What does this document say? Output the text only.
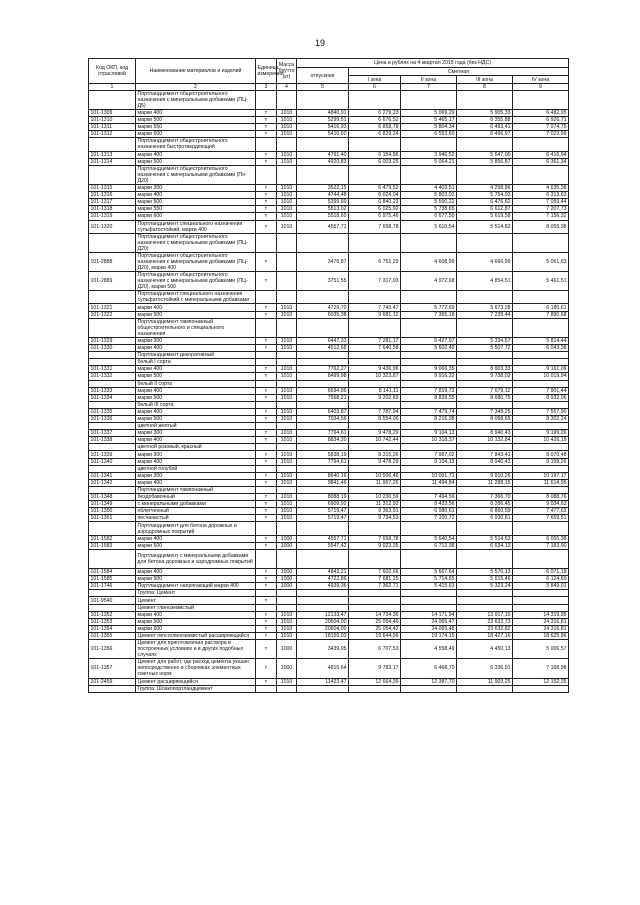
19
Код ОКП, код отраслевой	Наименование материалов и изделий	Единица измерения	Масса брутто (кг)	Цена в рублях на 4 квартал 2015 года (без НДС)				
				отпускная	Сметная			
					I зона	II зона	III зона	IV зона
1	2	3	4	5	6	7	8	9
	Портландцемент общестроительного назначения с минеральными добавками (ПЦ-Д5)							
101-1309	марки 400	т	1010	4840,91	6 279,23	5 069,29	5 905,33	6 482,95
101-1310	марки 500	т	1010	5299,51	6 676,52	5 465,17	6 355,88	6 926,71
101-1311	марки 550	т	1010	5416,93	6 858,78	5 804,34	6 493,41	7 074,75
101-1312	марки 600	т	1010	5416,60	6 829,24	6 553,60	6 496,97	7 023,99
	Портландцемент общестроительного назначения быстротвердеющий							
101-1313	марки 400	т	1010	4791,40	6 154,96	3 946,52	5 647,00	6 416,94
101-1314	марки 500	т	1010	4920,83	6 003,25	5 064,21	5 856,87	6 361,34
	Портландцемент общестроительного назначения с минеральными добавками (По-Д20)							
101-1315	марки 300	т	1010	3522,15	6 479,52	4 403,51	4 298,86	4 635,38
101-1316	марки 400	т	1010	4744,48	6 024,04	5 803,02	5 754,02	6 313,63
101-1317	марки 500	т	1010	5399,60	6 840,23	5 590,22	6 476,82	7 059,44
101-1318	марки 550	т	1010	5513,02	6 025,92	5 738,65	6 612,87	7 207,73
101-1319	марки 600	т	1010	5518,60	6 975,46	6 677,50	5 619,58	7 156,32
101-1320	Портландцемент специального назначения сульфатостойкий, марки 400	т	1010	4557,71	7 658,78	5 610,54	5 514,83	8 055,38
	Портландцемент общестроительного назначения с минеральными добавками (ПЦ-Д20)							
101-2888	Портландцемент общестроительного назначения с минеральными добавками (ПЦ-Д20), марки 400	т		3476,87	6 751,29	4 608,99	4 666,99	5 061,63
101-2889	Портландцемент общестроительного назначения с минеральными добавками (ПЦ-Д20), марки 500	т		3751,55	7 317,03	4 972,68	4 854,51	5 461,51
	Портландцемент специального назначения сульфатостойкий с минеральными добавками							
101-1321	марки 400	т	1010	4729,70	7 743,47	5 772,69	5 673,28	6 180,61
101-1322	марки 500	т	1010	6035,38	9 681,12	7 365,18	7 239,44	7 890,68
	Портландцемент тампонажный общестроительного и специального назначения							
101-1329	марки 300	т	1010	6447,33	7 281,17	5 427,97	5 334,57	5 814,44
101-1330	марки 400	т	1010	4512,68	7 640,58	5 602,49	5 507,72	6 043,38
	Портландцемент декоративный							
	белый I сорта							
101-1331	марки 400	т	1010	7762,27	9 436,96	9 066,35	8 903,33	9 161,09
101-1332	марки 500	т	1010	8499,98	10 323,87	9 916,32	9 738,02	10 019,94
	белый II сорта							
101-1333	марки 400	т	1010	6694,96	8 141,11	7 819,73	7 679,12	7 901,44
101-1334	марки 500	т	1010	7568,21	9 202,69	8 839,55	8 680,75	8 932,06
	белый III сорта							
101-1335	марки 400	т	1010	6403,87	7 787,94	7 479,74	7 345,25	7 557,90
101-1336	марки 500	т	1010	7034,56	8 554,06	8 216,38	8 068,65	8 302,24
	цветной желтый							
101-1337	марки 300	т	1010	7794,61	9 478,29	9 104,13	8 940,43	9 199,26
101-1338	марки 400	т	1010	8834,20	10 742,44	10 318,37	10 132,84	10 426,19
	цветной розовый, красный							
101-1339	марки 300	т	1010	5838,19	8 315,26	7 987,02	7 843,41	8 070,48
101-1340	марки 400	т	1010	7794,61	9 478,29	9 104,13	8 940,43	9 199,26
	цветной голубой							
101-1341	марки 300	т	1010	8640,16	10 506,46	10 091,71	9 910,26	10 197,17
101-1342	марки 400	т	1010	9841,46	11 967,26	11 494,84	11 288,15	11 614,95
	Портландцемент тампонажный							
101-1348	бездобавочный	т	1010	8088,19	10 230,59	7 494,59	7 366,70	8 088,76
101-1349	с минеральными добавками	т	1010	6909,92	11 312,92	8 433,56	8 286,45	9 034,63
101-1350	облегченный	т	1010	5719,47	9 363,91	6 980,61	6 860,59	7 477,63
101-1351	песчанистый	т	1010	5719,47	9 734,53	7 100,72	6 930,61	7 659,51
	Портландцемент для бетона дорожных и аэродромных покрытий							
101-1582	марки 400	т	1000	4557,71	7 658,78	5 640,54	5 514,63	6 055,38
101-1583	марки 500	т	1000	5547,42	9 023,35	6 712,38	6 634,13	7 183,90
	Портландцемент с минеральными добавками для бетона дорожных и аэродромных покрытий							
101-1584	марки 400	т	1000	4843,21	7 602,66	5 667,64	5 570,13	6 071,18
101-1585	марки 500	т	1000	4722,86	7 681,25	5 714,65	5 615,46	6 124,60
101-1746	Портландцемент напрягающий марки 400	т	1000	4939,36	7 362,71	5 415,63	5 323,24	5 849,01
	Группа: Цемент							
101-9540	Цемент	т						
	Цемент глиноземистый							
101-1352	марки 400	т	1010	12133,47	14 734,36	14 171,94	13 917,10	14 319,95
101-1353	марки 500	т	1010	20604,00	25 054,46	24 065,47	23 632,73	24 316,81
101-1354	марки 600	т	1010	20604,00	25 054,42	24 065,48	23 632,82	24 316,81
101-1355	Цемент гипсоглиноземистый расширяющийся	т	1010	18155,03	19 644,56	19 174,15	18 427,16	18 625,86
101-1356	Цемент для приготовления раствора в построечных условиях и в других подобных случаях	т	1000	3439,05	6 707,53	4 558,49	4 450,13	5 006,57
101-1357	Цемент для работ, где расход цемента указан непосредственно в сборниках элементных сметных норм	т	1000	4815,64	9 783,17	6 468,70	6 336,91	7 168,98
101-2459	Цемент расширяющийся	т	1010	11423,47	12 664,39	12 387,70	11 903,25	12 152,35
	Группа: Шлакопортландцемент							
